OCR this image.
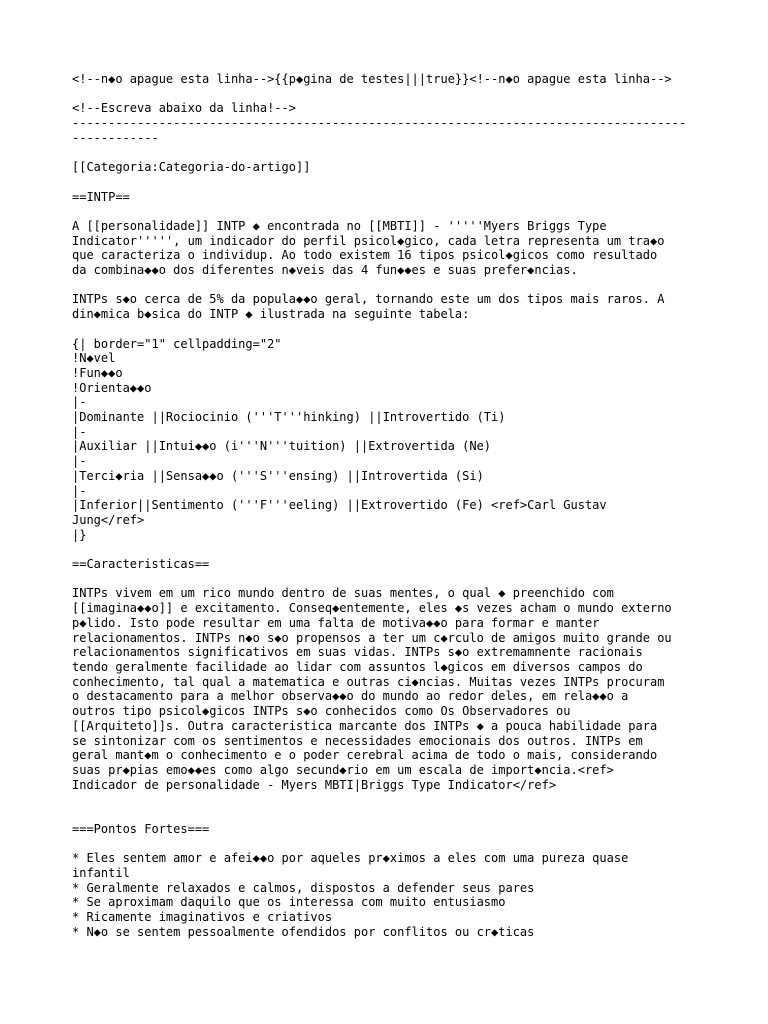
<!--n◆o apague esta linha-->{{p◆gina de testes|||true}}<!--n◆o apague esta linha-->
<!--Escreva abaixo da linha!-->
-------------------------------------------------------------------------------------
------------
[[Categoria:Categoria-do-artigo]]
==INTP==
A [[personalidade]] INTP ◆ encontrada no [[MBTI]] - '''''Myers Briggs Type
Indicator''''', um indicador do perfil psicol◆gico, cada letra representa um tra◆o
que caracteriza o individup. Ao todo existem 16 tipos psicol◆gicos como resultado
da combina◆◆o dos diferentes n◆veis das 4 fun◆◆es e suas prefer◆ncias.
INTPs s◆o cerca de 5% da popula◆◆o geral, tornando este um dos tipos mais raros. A
din◆mica b◆sica do INTP ◆ ilustrada na seguinte tabela:
{| border="1" cellpadding="2"
!N◆vel
!Fun◆◆o
!Orienta◆◆o
|-
|Dominante ||Rociocinio ('''T'''hinking) ||Introvertido (Ti)
|-
|Auxiliar ||Intui◆◆o (i'''N'''tuition) ||Extrovertida (Ne)
|-
|Terci◆ria ||Sensa◆◆o ('''S'''ensing) ||Introvertida (Si)
|-
|Inferior||Sentimento ('''F'''eeling) ||Extrovertido (Fe) <ref>Carl Gustav
Jung</ref>
|}
==Caracteristicas==
INTPs vivem em um rico mundo dentro de suas mentes, o qual ◆ preenchido com
[[imagina◆◆o]] e excitamento. Conseq◆entemente, eles ◆s vezes acham o mundo externo
p◆lido. Isto pode resultar em uma falta de motiva◆◆o para formar e manter
relacionamentos. INTPs n◆o s◆o propensos a ter um c◆rculo de amigos muito grande ou
relacionamentos significativos em suas vidas. INTPs s◆o extremamnente racionais
tendo geralmente facilidade ao lidar com assuntos l◆gicos em diversos campos do
conhecimento, tal qual a matematica e outras ci◆ncias. Muitas vezes INTPs procuram
o destacamento para a melhor observa◆◆o do mundo ao redor deles, em rela◆◆o a
outros tipo psicol◆gicos INTPs s◆o conhecidos como Os Observadores ou
[[Arquiteto]]s. Outra caracteristica marcante dos INTPs ◆ a pouca habilidade para
se sintonizar com os sentimentos e necessidades emocionais dos outros. INTPs em
geral mant◆m o conhecimento e o poder cerebral acima de todo o mais, considerando
suas pr◆pias emo◆◆es como algo secund◆rio em um escala de import◆ncia.<ref>
Indicador de personalidade - Myers MBTI|Briggs Type Indicator</ref>
===Pontos Fortes===
* Eles sentem amor e afei◆◆o por aqueles pr◆ximos a eles com uma pureza quase
infantil
* Geralmente relaxados e calmos, dispostos a defender seus pares
* Se aproximam daquilo que os interessa com muito entusiasmo
* Ricamente imaginativos e criativos
* N◆o se sentem pessoalmente ofendidos por conflitos ou cr◆ticas
